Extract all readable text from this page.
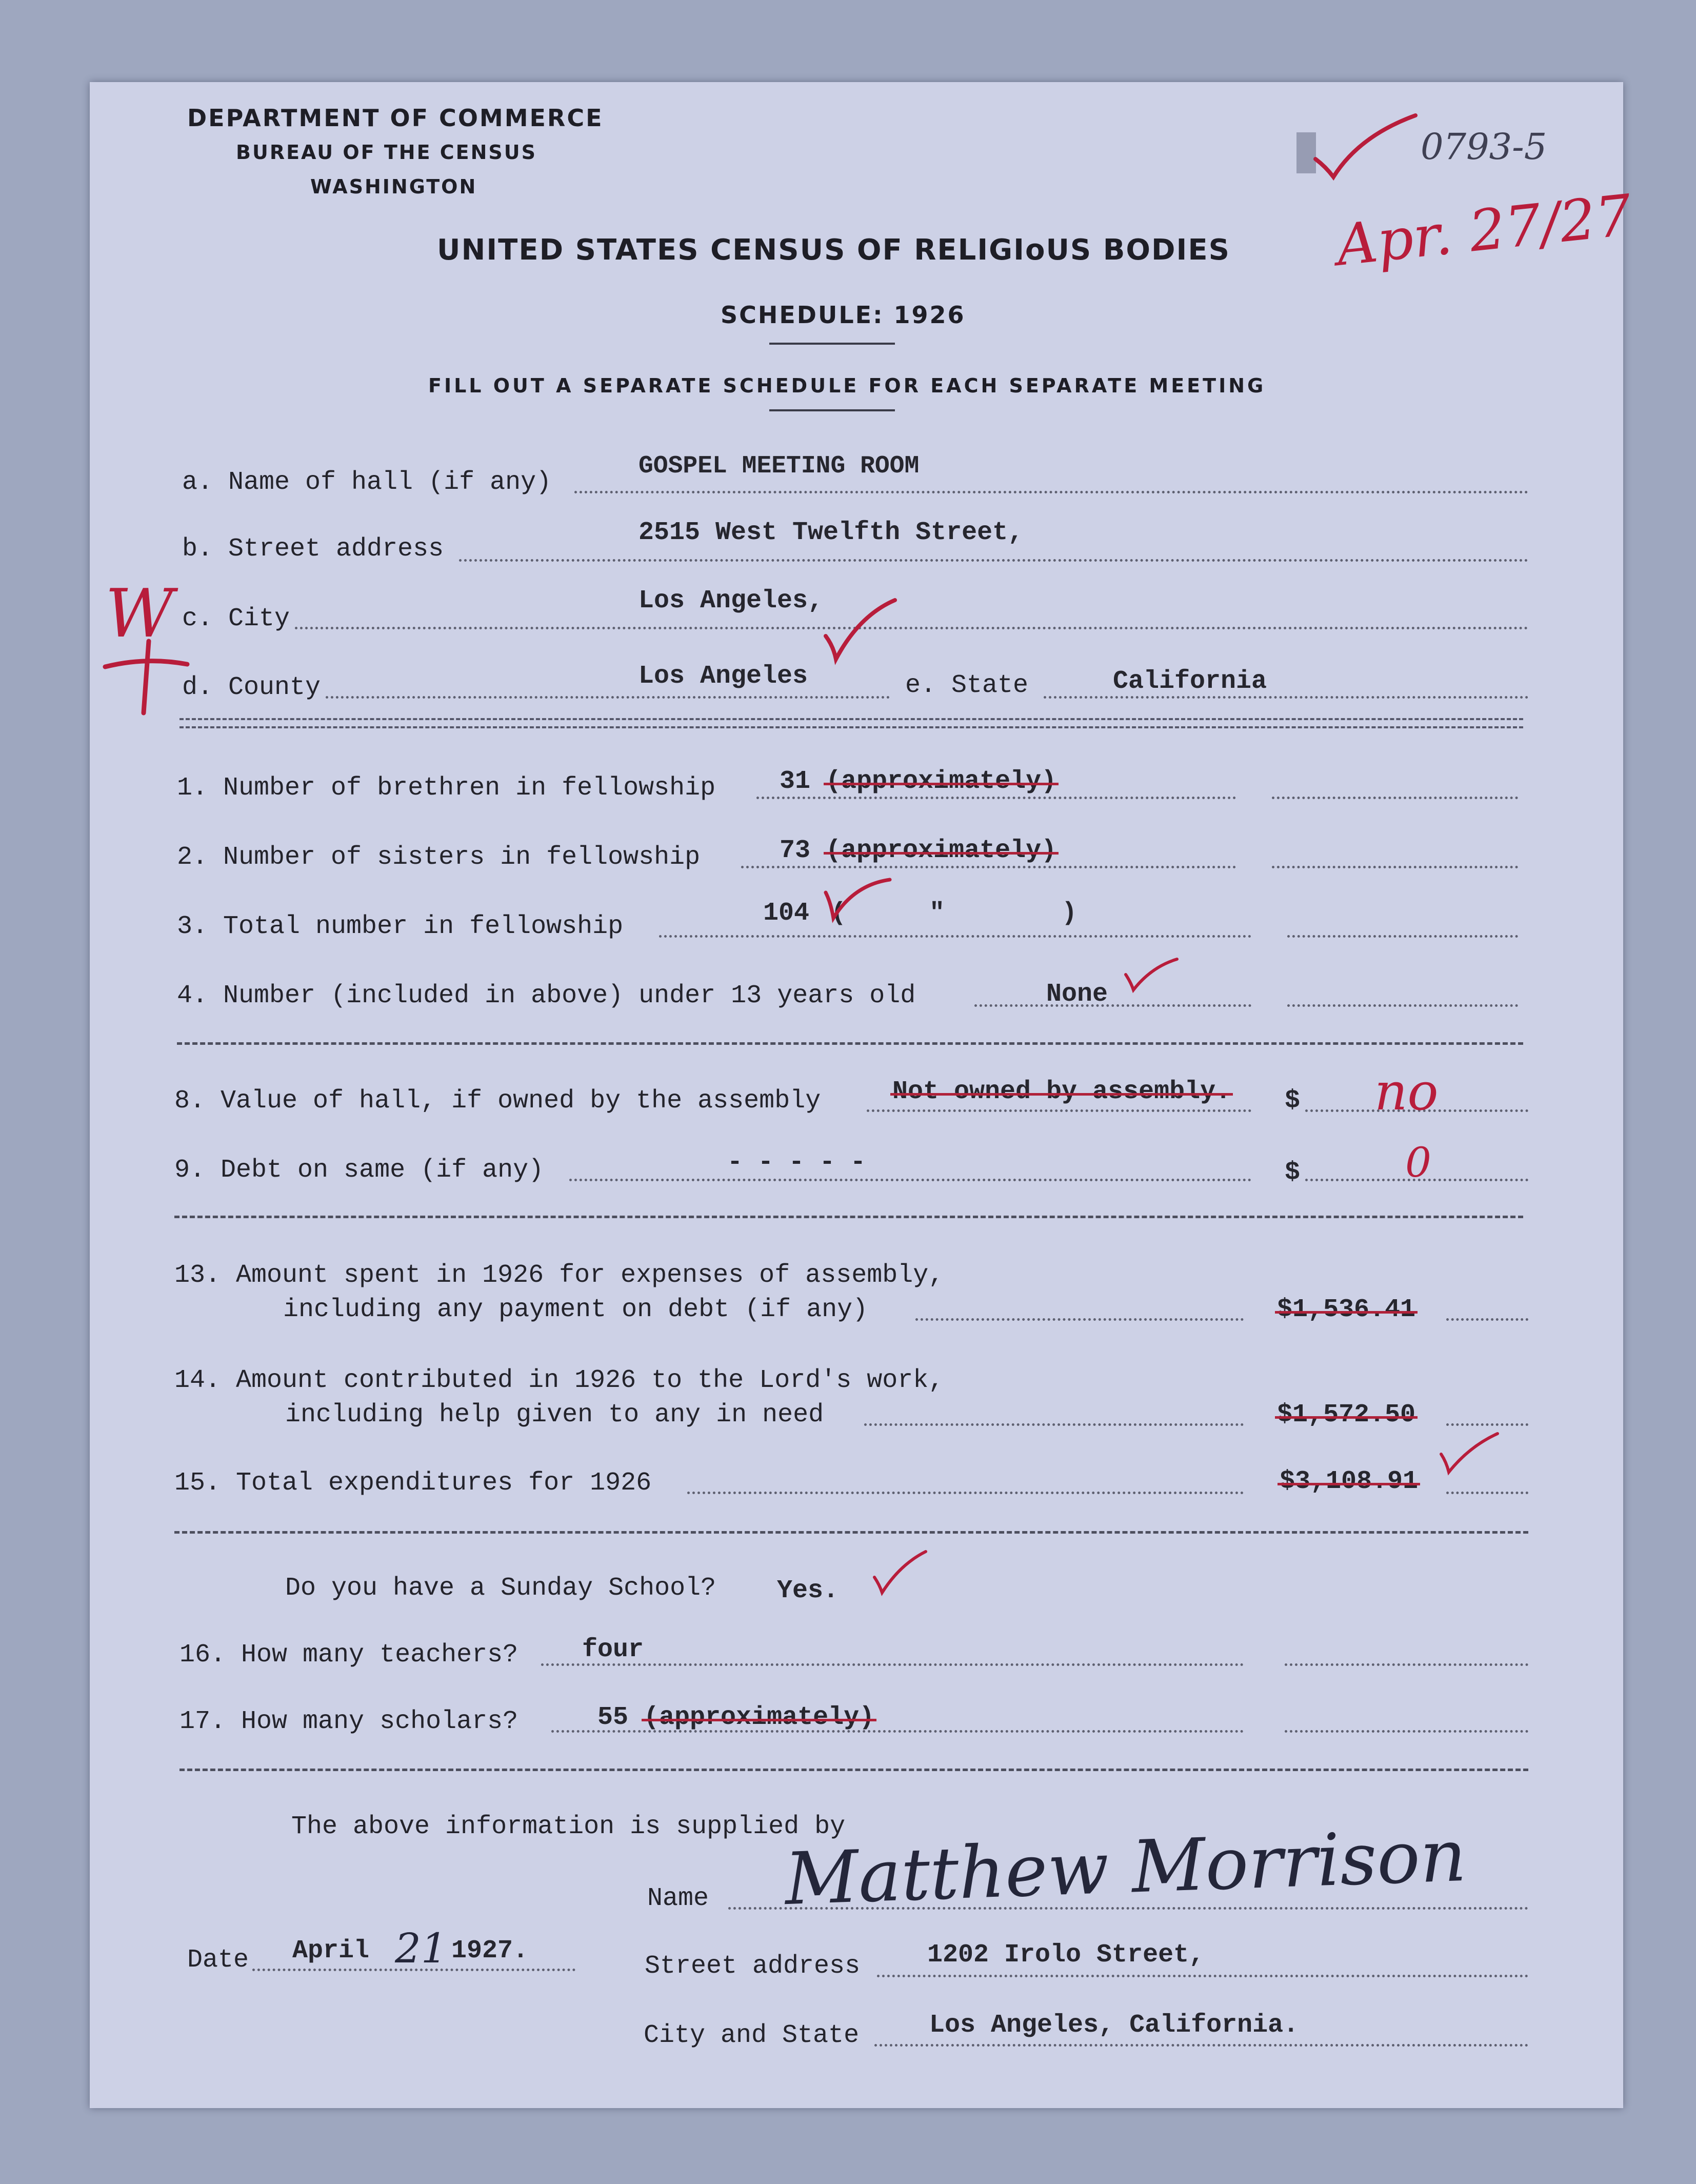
DEPARTMENT OF COMMERCE
BUREAU OF THE CENSUS
WASHINGTON
UNITED STATES CENSUS OF RELIGIoUS BODIES
SCHEDULE: 1926
FILL OUT A SEPARATE SCHEDULE FOR EACH SEPARATE MEETING
0793-5
Apr. 27/27
W
a. Name of hall (if any)
GOSPEL MEETING ROOM
b. Street address
2515 West Twelfth Street,
c. City
Los Angeles,
d. County	Los Angeles	e. State	California
1. Number of brethren in fellowship 31 (approximately)
2. Number of sisters in fellowship	73 (approximately)
3. Total number in fellowship	104 (	"	)
4. Number (included in above) under 13 years old	None
8. Value of hall, if owned by the assembly	Not owned by assembly. $ no
9. Debt on same (if any)	- - - - -	$	0
13. Amount spent in 1926 for expenses of assembly,
including any payment on debt (if any)	$1,536.41
14. Amount contributed in 1926 to the Lord's work,
including help given to any in need	$1,572.50
15. Total expenditures for 1926	$3,108.91
Do you have a Sunday School? Yes.
16. How many teachers? four
17. How many scholars?	55 (approximately)
The above information is supplied by
Name Matthew Morrison
Date April 21 1927.
Street address	1202 Irolo Street,
City and State	Los Angeles, California.
